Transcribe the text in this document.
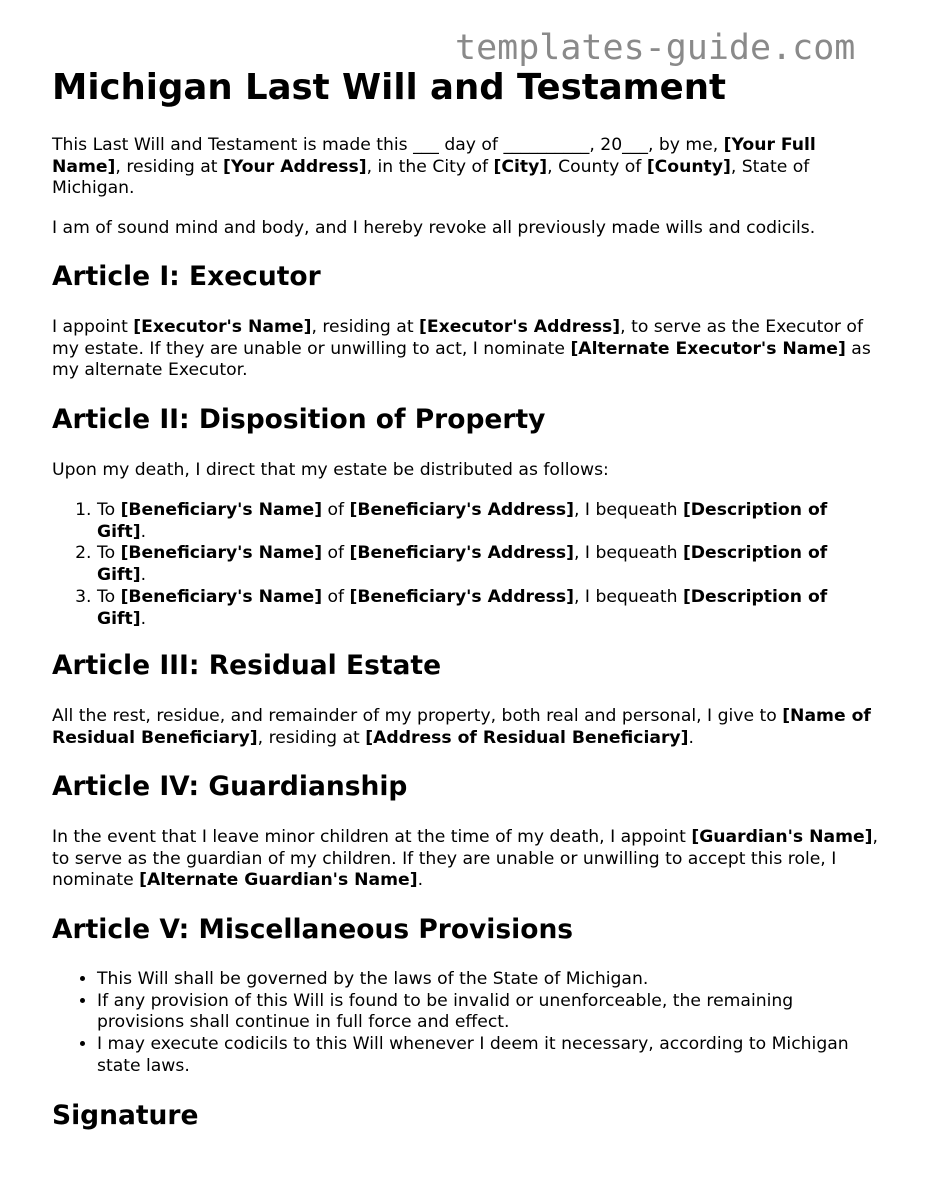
templates-guide.com
Michigan Last Will and Testament

This Last Will and Testament is made this ___ day of __________, 20___, by me, [Your Full Name], residing at [Your Address], in the City of [City], County of [County], State of Michigan.

I am of sound mind and body, and I hereby revoke all previously made wills and codicils.

Article I: Executor

I appoint [Executor's Name], residing at [Executor's Address], to serve as the Executor of my estate. If they are unable or unwilling to act, I nominate [Alternate Executor's Name] as my alternate Executor.

Article II: Disposition of Property

Upon my death, I direct that my estate be distributed as follows:

1. To [Beneficiary's Name] of [Beneficiary's Address], I bequeath [Description of Gift].
2. To [Beneficiary's Name] of [Beneficiary's Address], I bequeath [Description of Gift].
3. To [Beneficiary's Name] of [Beneficiary's Address], I bequeath [Description of Gift].
Article III: Residual Estate

All the rest, residue, and remainder of my property, both real and personal, I give to [Name of Residual Beneficiary], residing at [Address of Residual Beneficiary].

Article IV: Guardianship

In the event that I leave minor children at the time of my death, I appoint [Guardian's Name], to serve as the guardian of my children. If they are unable or unwilling to accept this role, I nominate [Alternate Guardian's Name].

Article V: Miscellaneous Provisions
• This Will shall be governed by the laws of the State of Michigan.
• If any provision of this Will is found to be invalid or unenforceable, the remaining provisions shall continue in full force and effect.
• I may execute codicils to this Will whenever I deem it necessary, according to Michigan state laws.
Signature
